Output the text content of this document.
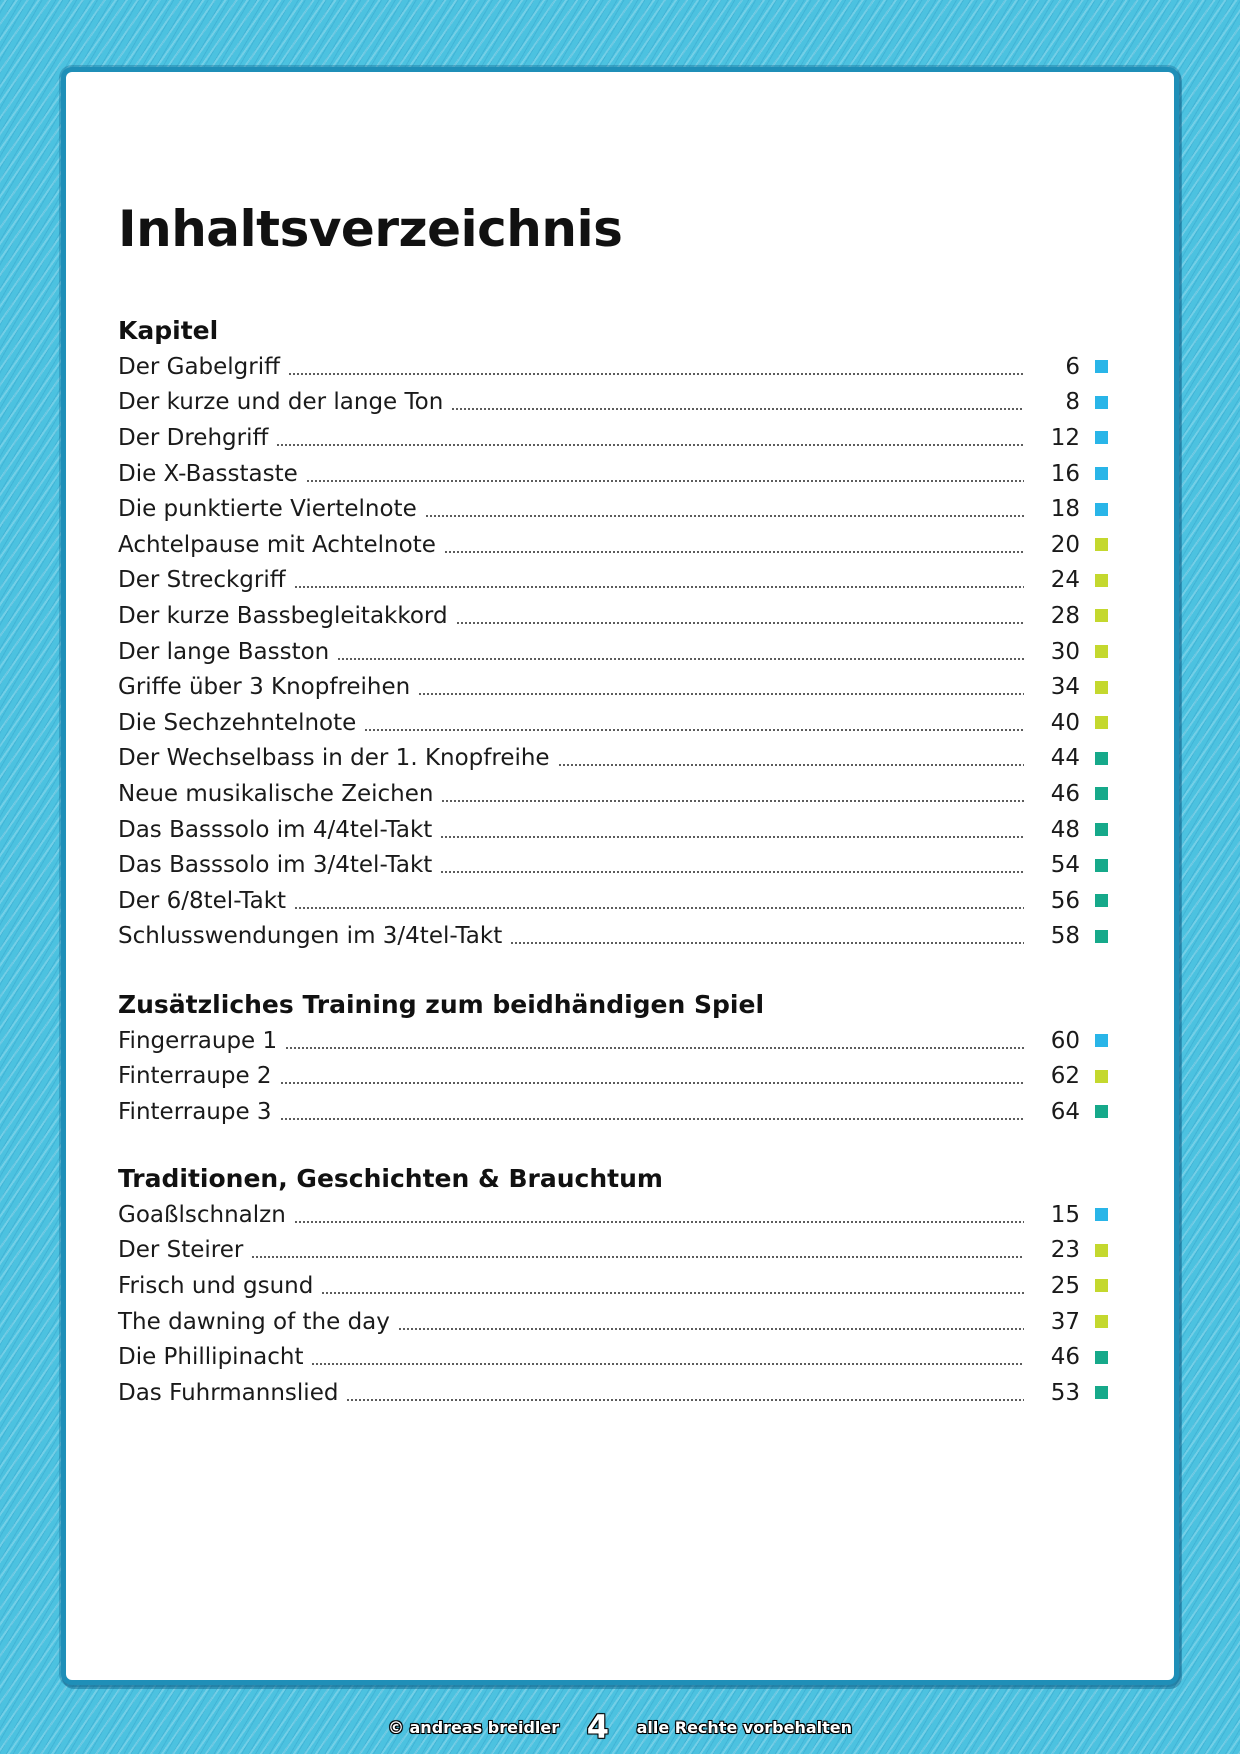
Inhaltsverzeichnis
Kapitel
Der Gabelgriff	6
Der kurze und der lange Ton	8
Der Drehgriff	12
Die X-Basstaste	16
Die punktierte Viertelnote	18
Achtelpause mit Achtelnote	20
Der Streckgriff	24
Der kurze Bassbegleitakkord	28
Der lange Basston	30
Griffe über 3 Knopfreihen	34
Die Sechzehntelnote	40
Der Wechselbass in der 1. Knopfreihe	44
Neue musikalische Zeichen	46
Das Basssolo im 4/4tel-Takt	48
Das Basssolo im 3/4tel-Takt	54
Der 6/8tel-Takt	56
Schlusswendungen im 3/4tel-Takt	58
Zusätzliches Training zum beidhändigen Spiel
Fingerraupe 1	60
Finterraupe 2	62
Finterraupe 3	64
Traditionen, Geschichten & Brauchtum
Goaßlschnalzn	15
Der Steirer	23
Frisch und gsund	25
The dawning of the day	37
Die Phillipinacht	46
Das Fuhrmannslied	53
© andreas breidler 4 alle Rechte vorbehalten
